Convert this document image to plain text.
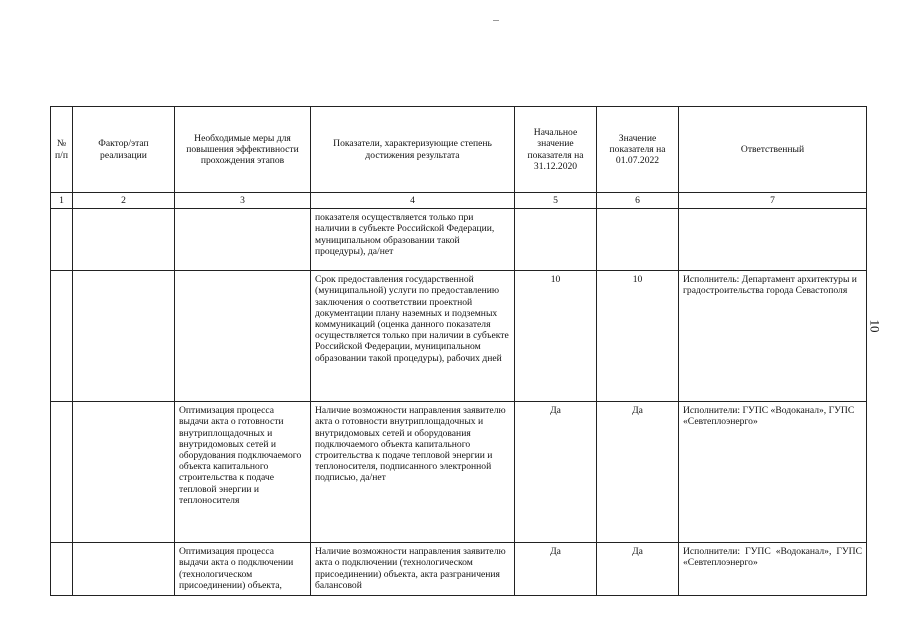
10
№ п/п	Фактор/этап реализации	Необходимые меры для повышения эффективности прохождения этапов	Показатели, характеризующие степень достижения результата	Начальное значение показателя на 31.12.2020	Значение показателя на 01.07.2022	Ответственный
1	2	3	4	5	6	7
			показателя осуществляется только при наличии в субъекте Российской Федерации, муниципальном образовании такой процедуры), да/нет			
			Срок предоставления государственной (муниципальной) услуги по предоставлению заключения о соответствии проектной документации плану наземных и подземных коммуникаций (оценка данного показателя осуществляется только при наличии в субъекте Российской Федерации, муниципальном образовании такой процедуры), рабочих дней	10	10	Исполнитель: Департамент архитектуры и градостроительства города Севастополя
		Оптимизация процесса выдачи акта о готовности внутриплощадочных и внутридомовых сетей и оборудования подключаемого объекта капитального строительства к подаче тепловой энергии и теплоносителя	Наличие возможности направления заявителю акта о готовности внутриплощадочных и внутридомовых сетей и оборудования подключаемого объекта капитального строительства к подаче тепловой энергии и теплоносителя, подписанного электронной подписью, да/нет	Да	Да	Исполнители: ГУПС «Водоканал», ГУПС «Севтеплоэнерго»

		Оптимизация процесса выдачи акта о подключении (технологическом присоединении) объекта,	Наличие возможности направления заявителю акта о подключении (технологическом присоединении) объекта, акта разграничения балансовой	Да	Да	Исполнители: ГУПС «Водоканал», ГУПС «Севтеплоэнерго»
